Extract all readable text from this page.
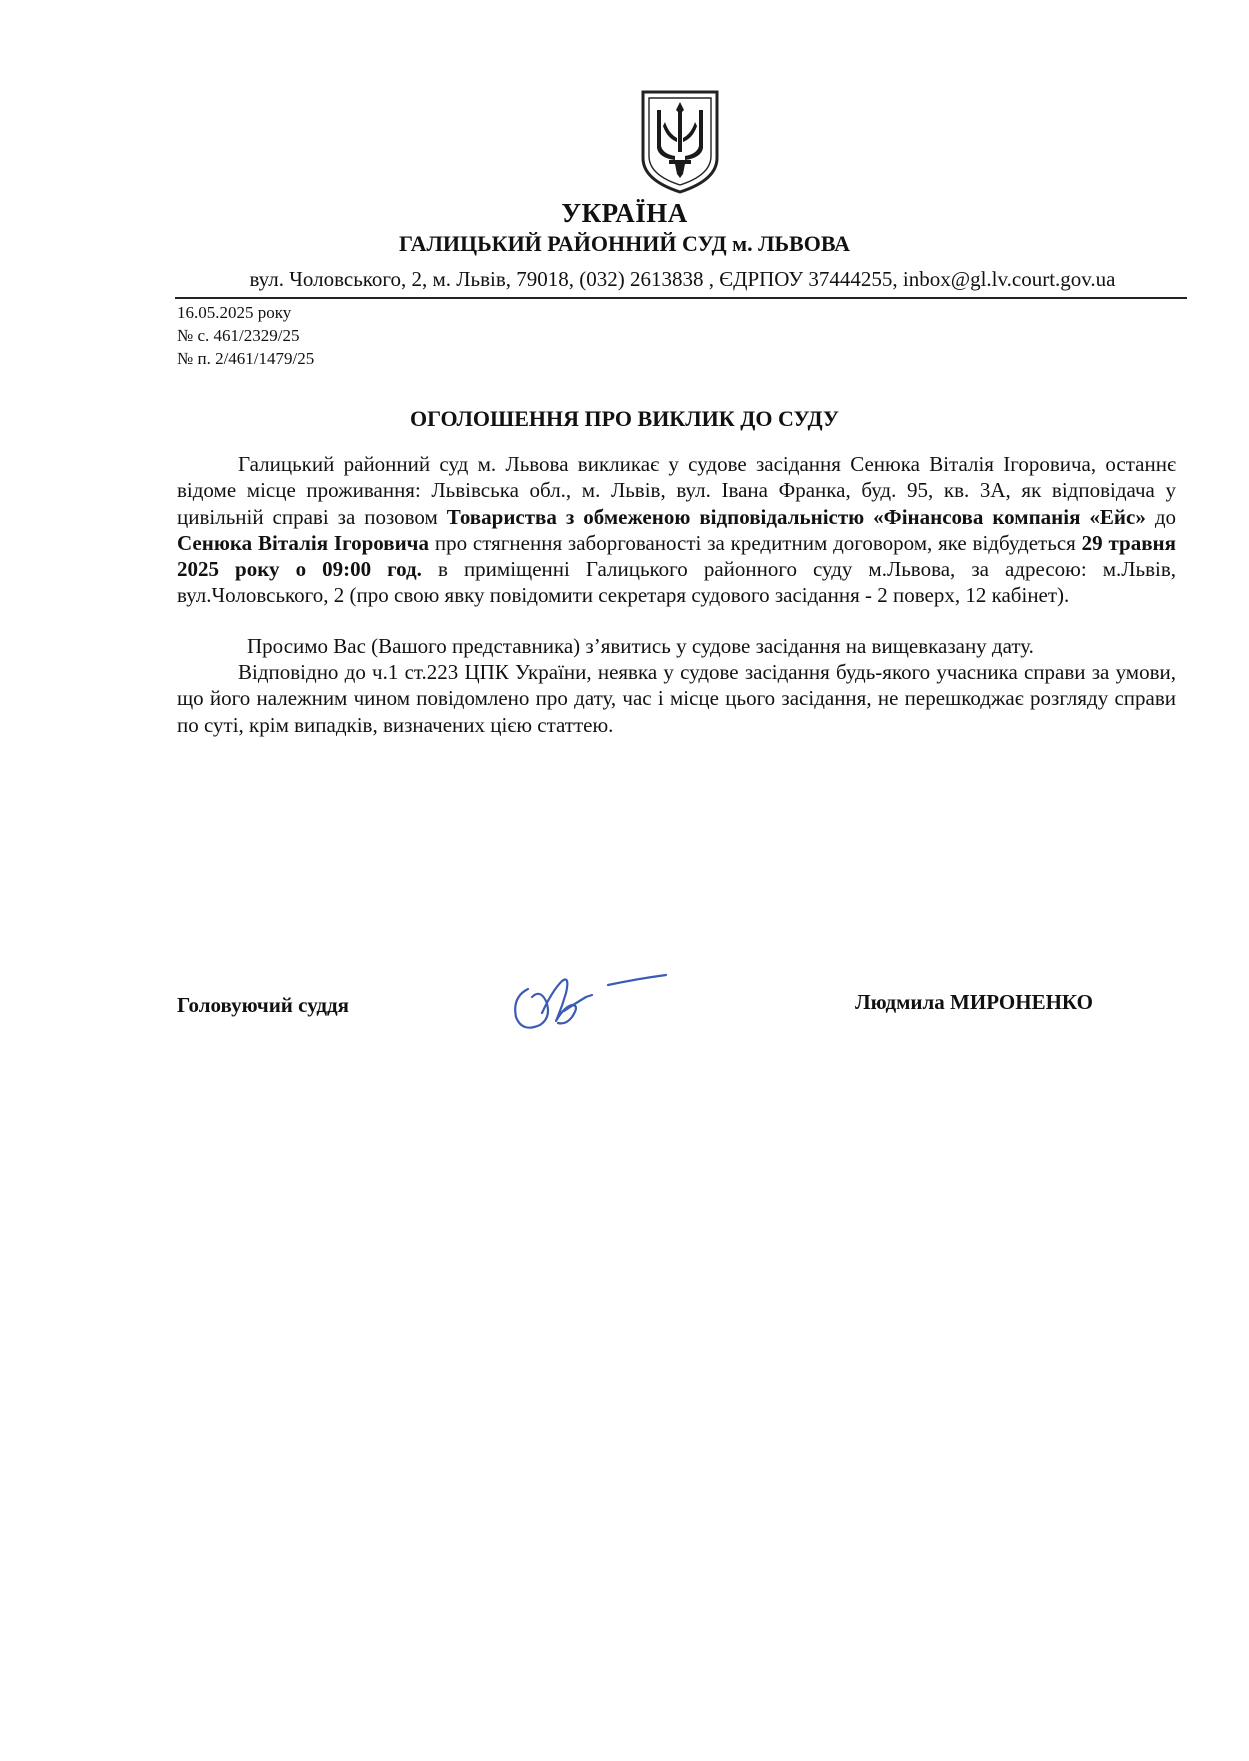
УКРАЇНА
ГАЛИЦЬКИЙ РАЙОННИЙ СУД м. ЛЬВОВА
вул. Чоловського, 2, м. Львів, 79018, (032) 2613838 , ЄДРПОУ 37444255, inbox@gl.lv.court.gov.ua
16.05.2025 року
№ с. 461/2329/25
№ п. 2/461/1479/25
ОГОЛОШЕННЯ ПРО ВИКЛИК ДО СУДУ

Галицький районний суд м. Львова викликає у судове засідання Сенюка Віталія Ігоровича, останнє відоме місце проживання: Львівська обл., м. Львів, вул. Івана Франка, буд. 95, кв. 3А, як відповідача у цивільній справі за позовом Товариства з обмеженою відповідальністю «Фінансова компанія «Ейс» до Сенюка Віталія Ігоровича про стягнення заборгованості за кредитним договором, яке відбудеться 29 травня 2025 року о 09:00 год. в приміщенні Галицького районного суду м.Львова, за адресою: м.Львів, вул.Чоловського, 2 (про свою явку повідомити секретаря судового засідання - 2 поверх, 12 кабінет).

Просимо Вас (Вашого представника) з’явитись у судове засідання на вищевказану дату.

Відповідно до ч.1 ст.223 ЦПК України, неявка у судове засідання будь-якого учасника справи за умови, що його належним чином повідомлено про дату, час і місце цього засідання, не перешкоджає розгляду справи по суті, крім випадків, визначених цією статтею.

Головуючий суддя	Людмила МИРОНЕНКО
